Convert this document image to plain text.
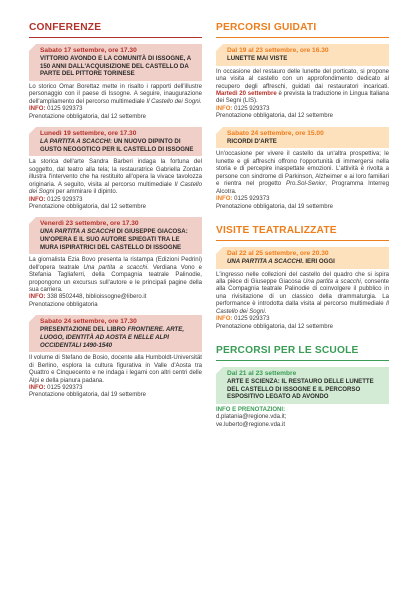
CONFERENZE
Sabato 17 settembre, ore 17.30
VITTORIO AVONDO E LA COMUNITÀ DI ISSOGNE, A 150 ANNI DALL'ACQUISIZIONE DEL CASTELLO DA PARTE DEL PITTORE TORINESE

Lo storico Omar Borettaz mette in risalto i rapporti dell'illustre personaggio con il paese di Issogne. A seguire, inaugurazione dell'ampliamento del percorso multimediale Il Castello dei Sogni.

INFO: 0125 929373

Prenotazione obbligatoria, dal 12 settembre

Lunedì 19 settembre, ore 17.30
LA PARTITA A SCACCHI: UN NUOVO DIPINTO DI GUSTO NEOGOTICO PER IL CASTELLO DI ISSOGNE

La storica dell'arte Sandra Barberi indaga la fortuna del soggetto, dal teatro alla tela; la restauratrice Gabriella Zordan illustra l'intervento che ha restituito all'opera la vivace tavolozza originaria. A seguito, visita al percorso multimediale Il Castello dei Sogni per ammirare il dipinto.

INFO: 0125 929373

Prenotazione obbligatoria, dal 12 settembre

Venerdì 23 settembre, ore 17.30
UNA PARTITA A SCACCHI DI GIUSEPPE GIACOSA: UN'OPERA E IL SUO AUTORE SPIEGATI TRA LE MURA ISPIRATRICI DEL CASTELLO DI ISSOGNE

La giornalista Ezia Bovo presenta la ristampa (Edizioni Pedrini) dell'opera teatrale Una partita a scacchi. Verdiana Vono e Stefania Tagliaferri, della Compagnia teatrale Palinodie, propongono un excursus sull'autore e le principali pagine della sua carriera.

INFO: 338 8502448, biblioissogne@libero.it

Prenotazione obbligatoria

Sabato 24 settembre, ore 17.30
PRESENTAZIONE DEL LIBRO FRONTIERE. ARTE, LUOGO, IDENTITÀ AD AOSTA E NELLE ALPI OCCIDENTALI 1490-1540

Il volume di Stefano de Bosio, docente alla Humboldt-Universität di Berlino, esplora la cultura figurativa in Valle d'Aosta tra Quattro e Cinquecento e ne indaga i legami con altri centri delle Alpi e della pianura padana.

INFO: 0125 929373

Prenotazione obbligatoria, dal 19 settembre

PERCORSI GUIDATI
Dal 19 al 23 settembre, ore 16.30
LUNETTE MAI VISTE

In occasione del restauro delle lunette del porticato, si propone una visita al castello con un approfondimento dedicato al recupero degli affreschi, guidati dai restauratori incaricati. Martedì 20 settembre è prevista la traduzione in Lingua Italiana dei Segni (LIS).

INFO: 0125 929373

Prenotazione obbligatoria, dal 12 settembre

Sabato 24 settembre, ore 15.00
RICORDI D'ARTE

Un'occasione per vivere il castello da un'altra prospettiva; le lunette e gli affreschi offrono l'opportunità di immergersi nella storia e di percepire inaspettate emozioni. L'attività è rivolta a persone con sindrome di Parkinson, Alzheimer e ai loro familiari e rientra nel progetto Pro.Sol-Senior, Programma Interreg Alcotra.

INFO: 0125 929373

Prenotazione obbligatoria, dal 19 settembre

VISITE TEATRALIZZATE
Dal 22 al 25 settembre, ore 20.30
UNA PARTITA A SCACCHI. IERI OGGI

L'ingresso nelle collezioni del castello del quadro che si ispira alla pièce di Giuseppe Giacosa Una partita a scacchi, consente alla Compagnia teatrale Palinodie di coinvolgere il pubblico in una rivisitazione di un classico della drammaturgia. La performance è introdotta dalla visita al percorso multimediale Il Castello dei Sogni.

INFO: 0125 929373

Prenotazione obbligatoria, dal 12 settembre

PERCORSI PER LE SCUOLE
Dal 21 al 23 settembre
ARTE E SCIENZA: IL RESTAURO DELLE LUNETTE DEL CASTELLO DI ISSOGNE E IL PERCORSO ESPOSITIVO LEGATO AD AVONDO

INFO E PRENOTAZIONI:

d.platania@regione.vda.it;

ve.luberto@regione.vda.it
